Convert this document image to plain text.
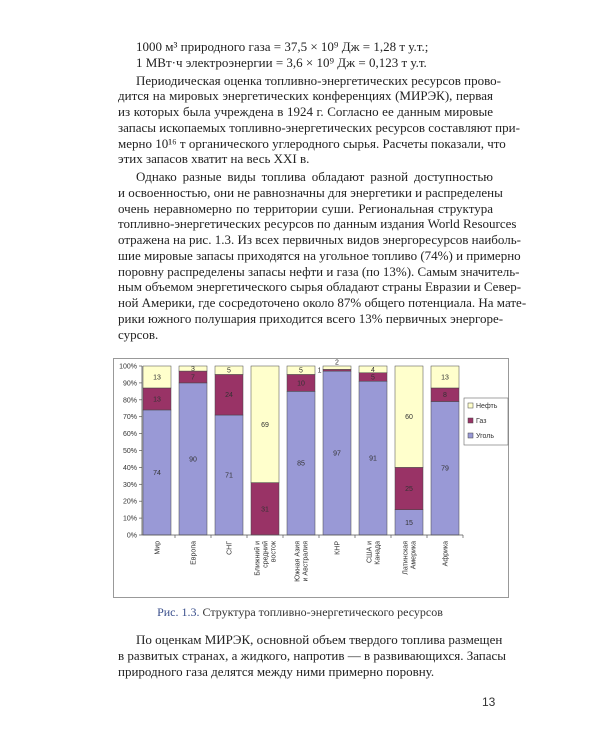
1000 м³ природного газа = 37,5 × 10⁹ Дж = 1,28 т у.т.;
1 МВт·ч электроэнергии = 3,6 × 10⁹ Дж = 0,123 т у.т.
Периодическая оценка топливно-энергетических ресурсов прово-
дится на мировых энергетических конференциях (МИРЭК), первая
из которых была учреждена в 1924 г. Согласно ее данным мировые
запасы ископаемых топливно-энергетических ресурсов составляют при-
мерно 10¹⁶ т органического углеродного сырья. Расчеты показали, что
этих запасов хватит на весь XXI в.
Однако разные виды топлива обладают разной доступностью
и освоенностью, они не равнозначны для энергетики и распределены
очень неравномерно по территории суши. Региональная структура
топливно-энергетических ресурсов по данным издания World Resources
отражена на рис. 1.3. Из всех первичных видов энергоресурсов наиболь-
шие мировые запасы приходятся на угольное топливо (74%) и примерно
поровну распределены запасы нефти и газа (по 13%). Самым значитель-
ным объемом энергетического сырья обладают страны Евразии и Север-
ной Америки, где сосредоточено около 87% общего потенциала. На мате-
рики южного полушария приходится всего 13% первичных энергоре-
сурсов.
0%
10%
20%
30%
40%
50%
60%
70%
80%
90%
100%
74
13
13
Мир
90
7
3
Европа
71
24
5
СНГ
31
69
Ближний и средний восток
85
10
5
Южная Азия и Австралия
97
1
2
КНР
91
5
4
США и Канада
15
25
60
Латинская Америка
79
8
13
Африка
Нефть
Газ
Уголь
Рис. 1.3. Структура топливно-энергетического ресурсов
По оценкам МИРЭК, основной объем твердого топлива размещен
в развитых странах, а жидкого, напротив — в развивающихся. Запасы
природного газа делятся между ними примерно поровну.
13
